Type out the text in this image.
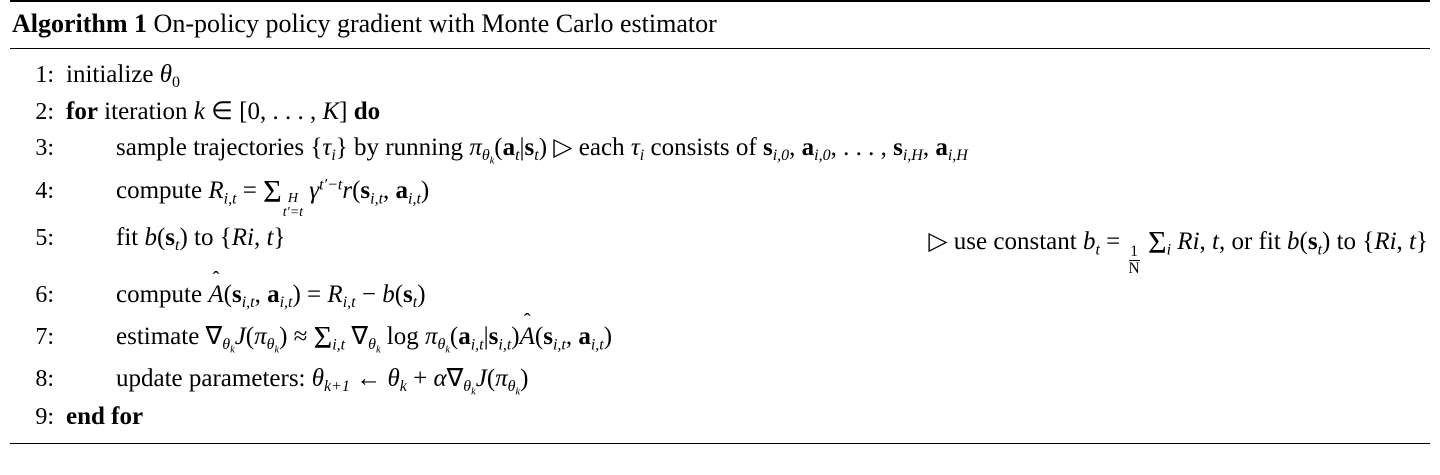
Algorithm 1 On-policy policy gradient with Monte Carlo estimator
1: initialize $\theta_0$
2: for iteration k ∈ [0, . . . , K] do
3:	sample trajectories $\{\tau_i\}$ by running $\pi_{\theta_k}(a_t|s_t)$ ▷ each $\tau_i$ consists of $s_{i,0}$, $a_{i,0}$, . . . , $s_{i,H}$, $a_{i,H}$
4:	compute $R_{i,t} = \Sigma$ H
t′=t
$\gamma^{t'-t}r(s_{i,t}$, $a_{i,t}$)
5: fit $b(s_t)$ to {Ri, t}	▷ use constant $b_t$ =
$\frac{1}{N}$
$\Sigma_i$ Ri, t, or fit $b(s_t)$ to {Ri, t}
6:	compute
$A(s_{i,t}$, $a_{i,t}) = R_{i,t} - b(s_t)$
7:	estimate $\nabla_{\theta_k}J(\pi_{\theta_k}) \approx \Sigma_{i,t}$ $\nabla_{\theta_k}$ $\log \pi_{\theta_k}(a_{i,t}|s_{i,t})$
$A(s_{i,t}$, $a_{i,t}$)
8:	update parameters: $\theta_{k+1}$ ← $\theta_k + \alpha\nabla_{\theta_k}J(\pi_{\theta_k})$
9: end for
